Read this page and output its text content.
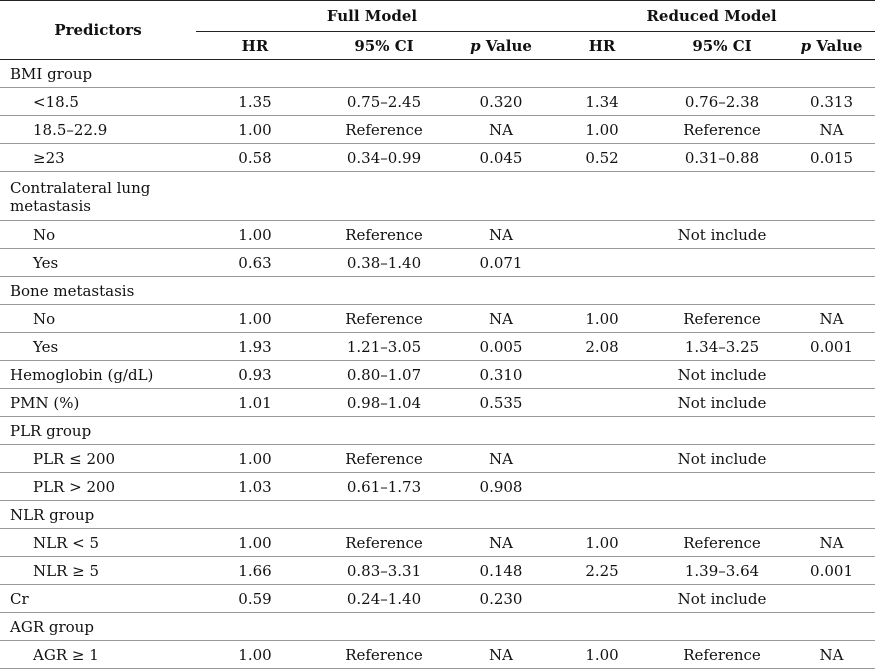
Predictors	Full Model			Reduced Model		
	HR	95% CI	p Value	HR	95% CI	p Value
BMI group						
<18.5	1.35	0.75–2.45	0.320	1.34	0.76–2.38	0.313
18.5–22.9	1.00	Reference	NA	1.00	Reference	NA
≥23	0.58	0.34–0.99	0.045	0.52	0.31–0.88	0.015
Contralateral lung metastasis						
No	1.00	Reference	NA		Not include	
Yes	0.63	0.38–1.40	0.071			
Bone metastasis						
No	1.00	Reference	NA	1.00	Reference	NA
Yes	1.93	1.21–3.05	0.005	2.08	1.34–3.25	0.001
Hemoglobin (g/dL)	0.93	0.80–1.07	0.310		Not include	
PMN (%)	1.01	0.98–1.04	0.535		Not include	
PLR group						
PLR ≤ 200	1.00	Reference	NA		Not include	
PLR > 200	1.03	0.61–1.73	0.908			
NLR group						
NLR < 5	1.00	Reference	NA	1.00	Reference	NA
NLR ≥ 5	1.66	0.83–3.31	0.148	2.25	1.39–3.64	0.001
Cr	0.59	0.24–1.40	0.230		Not include	
AGR group						
AGR ≥ 1	1.00	Reference	NA	1.00	Reference	NA
